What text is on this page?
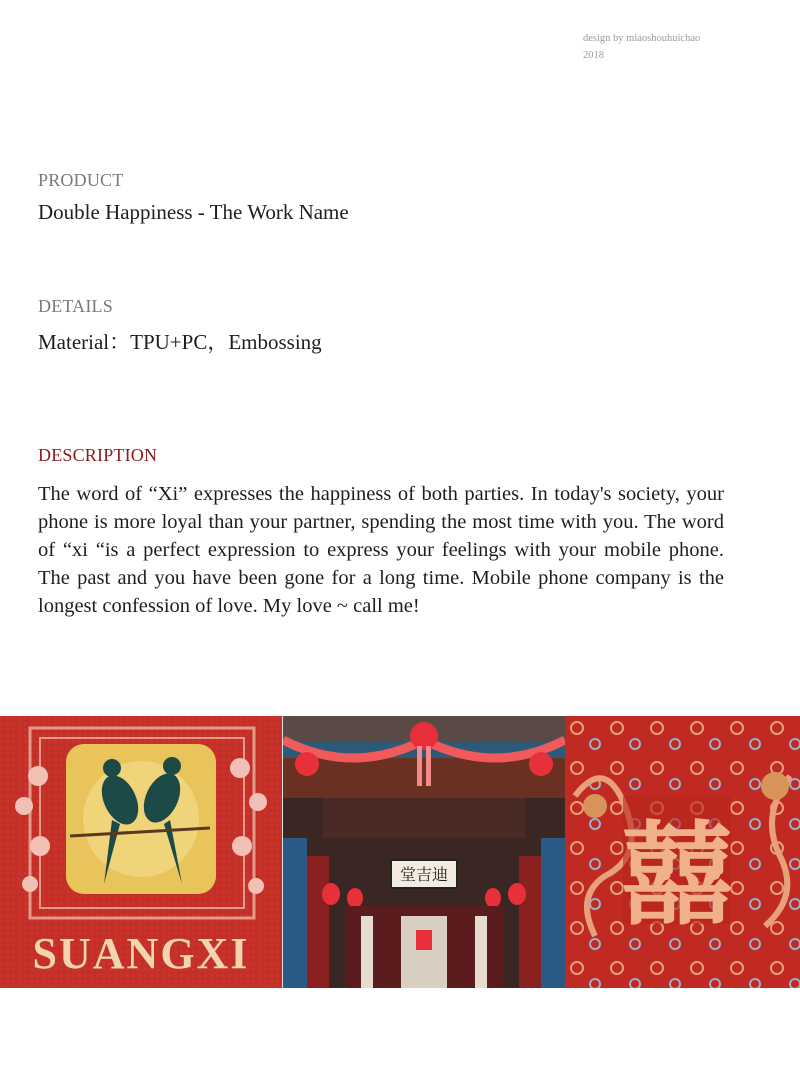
design by miaoshouhuichao
2018
PRODUCT
Double Happiness - The Work Name
DETAILS
Material：TPU+PC，Embossing
DESCRIPTION
The word of “Xi” expresses the happiness of both parties. In today's society, your phone is more loyal than your partner, spending the most time with you. The word of “xi “is a perfect expression to express your feelings with your mobile phone. The past and you have been gone for a long time. Mobile phone company is the longest confession of love. My love ~ call me!
SUANGXI
堂吉迪 囍
